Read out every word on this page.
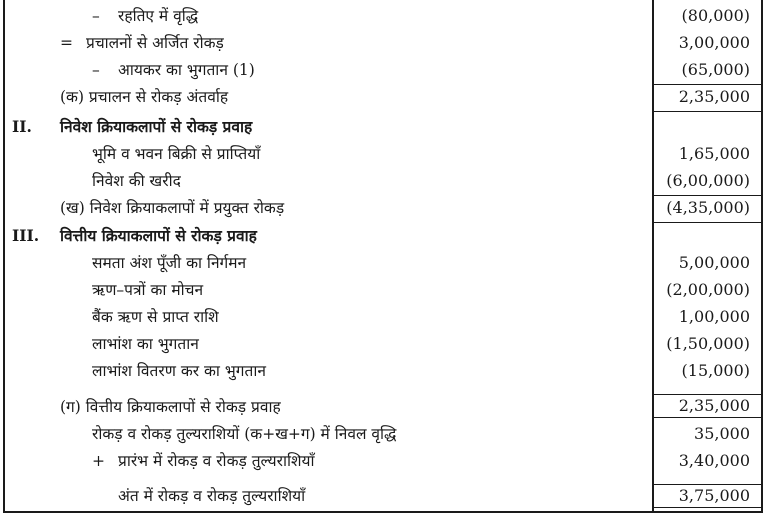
– रहतिए में वृद्धि	(80,000)
= प्रचालनों से अर्जित रोकड़	3,00,000
– आयकर का भुगतान (1)	(65,000)
(क) प्रचालन से रोकड़ अंतर्वाह	2,35,000
II. निवेश क्रियाकलापों से रोकड़ प्रवाह
भूमि व भवन बिक्री से प्राप्तियाँ	1,65,000
निवेश की खरीद	(6,00,000)
(ख) निवेश क्रियाकलापों में प्रयुक्त रोकड़	(4,35,000)
III. वित्तीय क्रियाकलापों से रोकड़ प्रवाह
समता अंश पूँजी का निर्गमन	5,00,000
ऋण–पत्रों का मोचन	(2,00,000)
बैंक ऋण से प्राप्त राशि	1,00,000
लाभांश का भुगतान	(1,50,000)
लाभांश वितरण कर का भुगतान	(15,000)
(ग) वित्तीय क्रियाकलापों से रोकड़ प्रवाह	2,35,000
रोकड़ व रोकड़ तुल्यराशियों (क+ख+ग) में निवल वृद्धि	35,000
+ प्रारंभ में रोकड़ व रोकड़ तुल्यराशियाँ	3,40,000
अंत में रोकड़ व रोकड़ तुल्यराशियाँ	3,75,000
